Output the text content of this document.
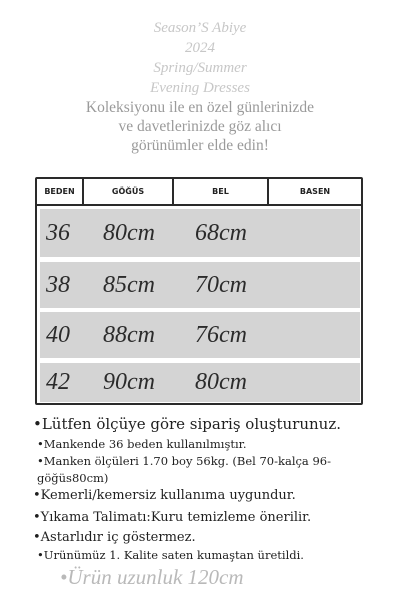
Season’S Abiye
2024
Spring/Summer
Evening Dresses
Koleksiyonu ile en özel günlerinizde
ve davetlerinizde göz alıcı
görünümler elde edin!
BEDEN	GÖĞÜS	BEL	BASEN
36 80cm 68cm
38 85cm 70cm
40 88cm 76cm
42 90cm 80cm
•Lütfen ölçüye göre sipariş oluşturunuz.
•Mankende 36 beden kullanılmıştır.
•Manken ölçüleri 1.70 boy 56kg. (Bel 70-kalça 96-
göğüs80cm)
•Kemerli/kemersiz kullanıma uygundur.
•Yıkama Talimatı:Kuru temizleme önerilir.
•Astarlıdır iç göstermez.
•Urünümüz 1. Kalite saten kumaştan üretildi.
•Ürün uzunluk 120cm
